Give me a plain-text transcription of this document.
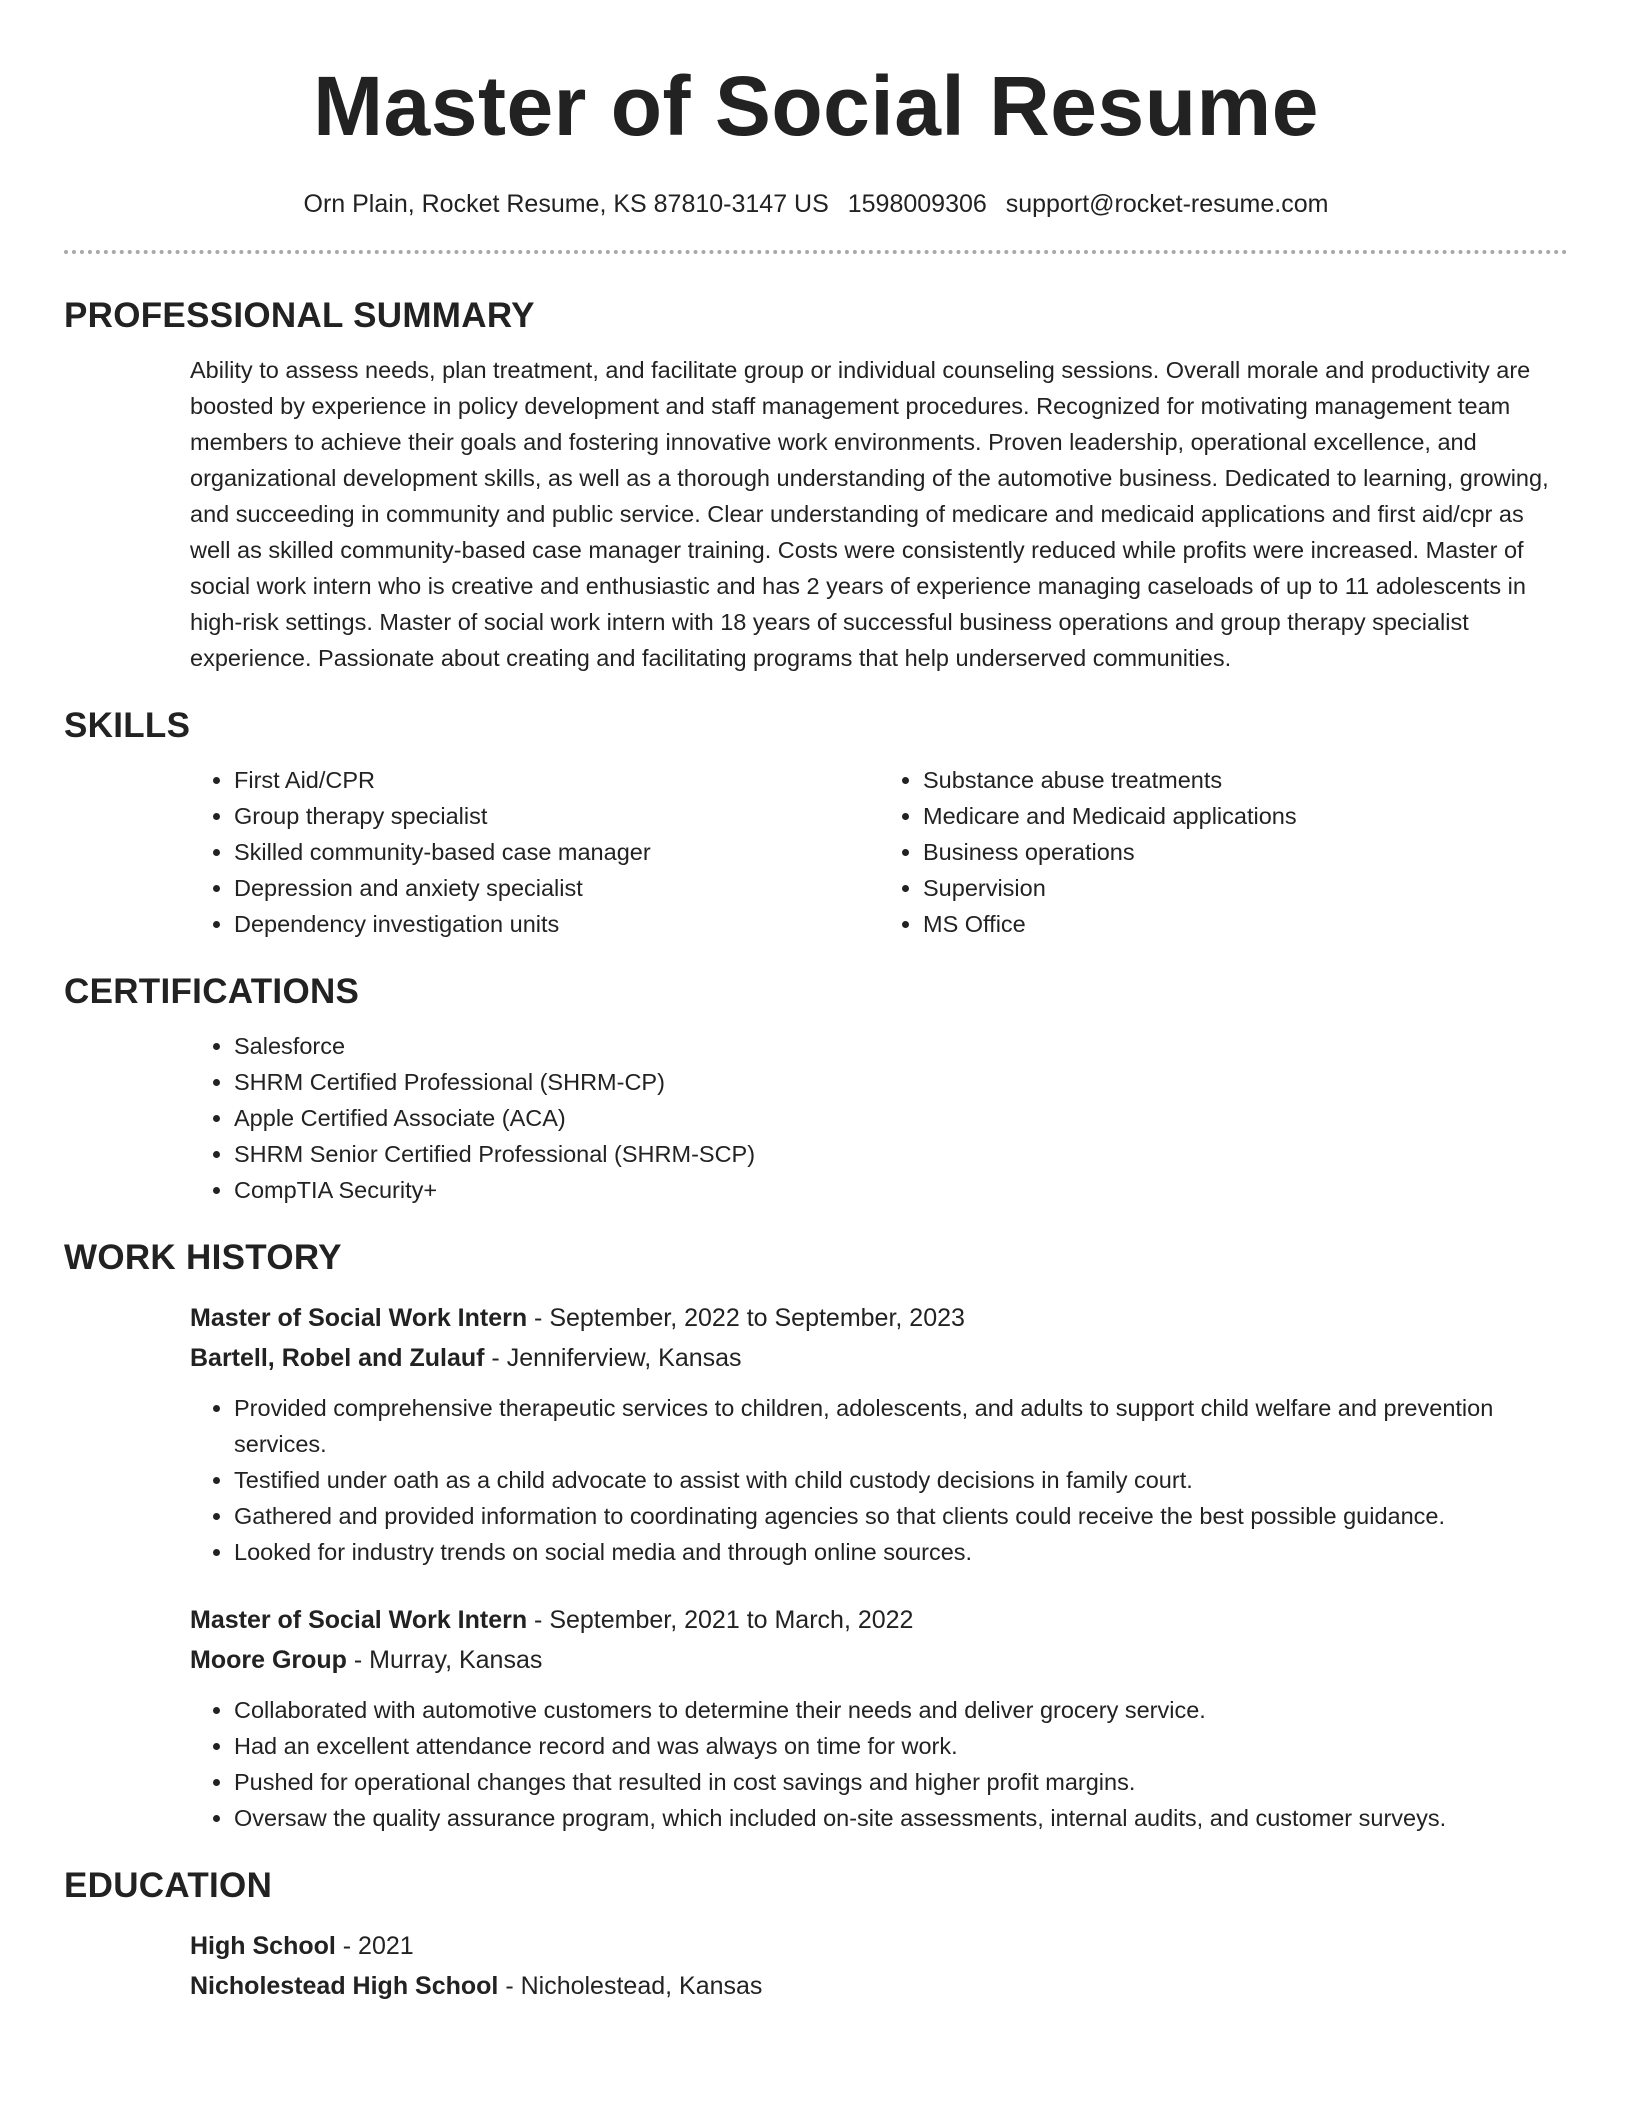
Master of Social Resume
Orn Plain, Rocket Resume, KS 87810-3147 US 1598009306 support@rocket-resume.com
PROFESSIONAL SUMMARY

Ability to assess needs, plan treatment, and facilitate group or individual counseling sessions. Overall morale and productivity are boosted by experience in policy development and staff management procedures. Recognized for motivating management team members to achieve their goals and fostering innovative work environments. Proven leadership, operational excellence, and organizational development skills, as well as a thorough understanding of the automotive business. Dedicated to learning, growing, and succeeding in community and public service. Clear understanding of medicare and medicaid applications and first aid/cpr as well as skilled community-based case manager training. Costs were consistently reduced while profits were increased. Master of social work intern who is creative and enthusiastic and has 2 years of experience managing caseloads of up to 11 adolescents in high-risk settings. Master of social work intern with 18 years of successful business operations and group therapy specialist experience. Passionate about creating and facilitating programs that help underserved communities.

SKILLS
• First Aid/CPR
• Group therapy specialist
• Skilled community-based case manager
• Depression and anxiety specialist
• Dependency investigation units
• Substance abuse treatments
• Medicare and Medicaid applications
• Business operations
• Supervision
• MS Office
CERTIFICATIONS
• Salesforce
• SHRM Certified Professional (SHRM-CP)
• Apple Certified Associate (ACA)
• SHRM Senior Certified Professional (SHRM-SCP)
• CompTIA Security+
WORK HISTORY
Master of Social Work Intern - September, 2022 to September, 2023
Bartell, Robel and Zulauf - Jenniferview, Kansas
• Provided comprehensive therapeutic services to children, adolescents, and adults to support child welfare and prevention services.
• Testified under oath as a child advocate to assist with child custody decisions in family court.
• Gathered and provided information to coordinating agencies so that clients could receive the best possible guidance.
• Looked for industry trends on social media and through online sources.
Master of Social Work Intern - September, 2021 to March, 2022
Moore Group - Murray, Kansas
• Collaborated with automotive customers to determine their needs and deliver grocery service.
• Had an excellent attendance record and was always on time for work.
• Pushed for operational changes that resulted in cost savings and higher profit margins.
• Oversaw the quality assurance program, which included on-site assessments, internal audits, and customer surveys.
EDUCATION
High School - 2021
Nicholestead High School - Nicholestead, Kansas
